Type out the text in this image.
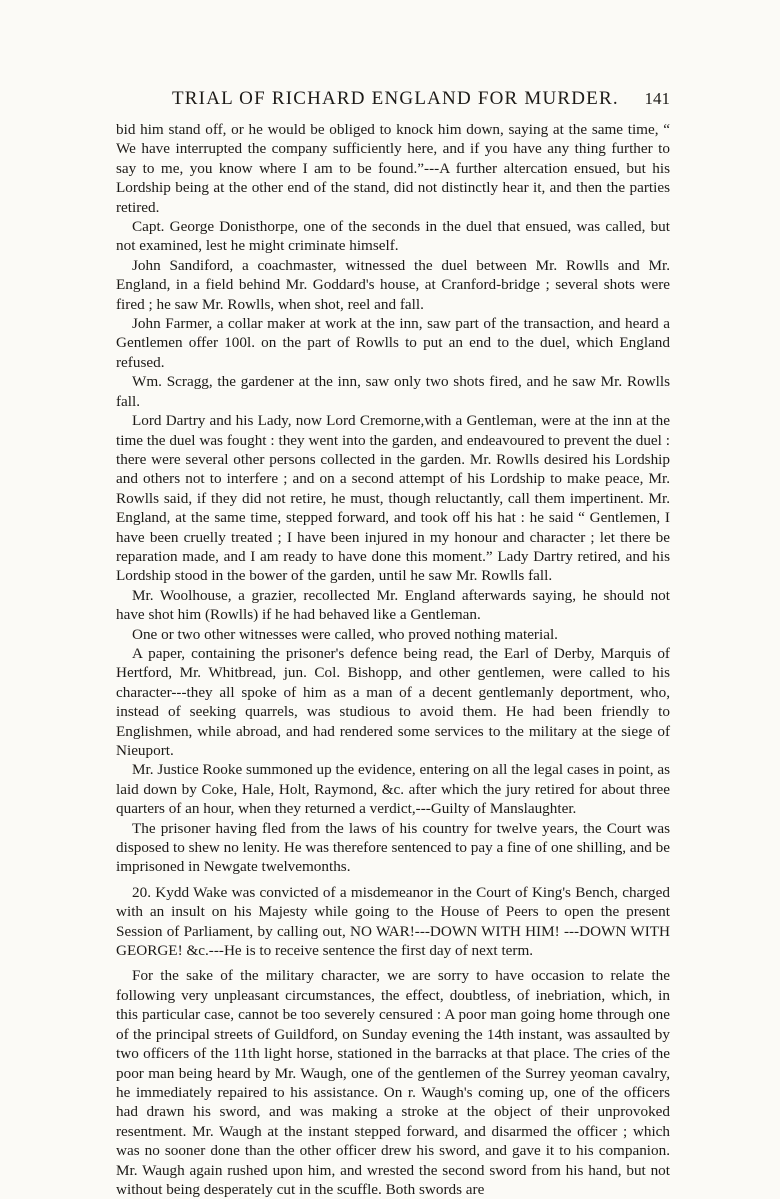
TRIAL OF RICHARD ENGLAND FOR MURDER. 141

bid him stand off, or he would be obliged to knock him down, saying at the same time, “ We have interrupted the company sufficiently here, and if you have any thing further to say to me, you know where I am to be found.”---A further altercation ensued, but his Lordship being at the other end of the stand, did not distinctly hear it, and then the parties retired.

Capt. George Donisthorpe, one of the seconds in the duel that ensued, was called, but not examined, lest he might criminate himself.

John Sandiford, a coachmaster, witnessed the duel between Mr. Rowlls and Mr. England, in a field behind Mr. Goddard's house, at Cranford-bridge ; several shots were fired ; he saw Mr. Rowlls, when shot, reel and fall.

John Farmer, a collar maker at work at the inn, saw part of the transaction, and heard a Gentlemen offer 100l. on the part of Rowlls to put an end to the duel, which England refused.

Wm. Scragg, the gardener at the inn, saw only two shots fired, and he saw Mr. Rowlls fall.

Lord Dartry and his Lady, now Lord Cremorne,with a Gentleman, were at the inn at the time the duel was fought : they went into the garden, and endeavoured to prevent the duel : there were several other persons collected in the garden. Mr. Rowlls desired his Lordship and others not to interfere ; and on a second attempt of his Lordship to make peace, Mr. Rowlls said, if they did not retire, he must, though reluctantly, call them impertinent. Mr. England, at the same time, stepped forward, and took off his hat : he said “ Gentlemen, I have been cruelly treated ; I have been injured in my honour and character ; let there be reparation made, and I am ready to have done this moment.” Lady Dartry retired, and his Lordship stood in the bower of the garden, until he saw Mr. Rowlls fall.

Mr. Woolhouse, a grazier, recollected Mr. England afterwards saying, he should not have shot him (Rowlls) if he had behaved like a Gentleman.

One or two other witnesses were called, who proved nothing material.

A paper, containing the prisoner's defence being read, the Earl of Derby, Marquis of Hertford, Mr. Whitbread, jun. Col. Bishopp, and other gentlemen, were called to his character---they all spoke of him as a man of a decent gentlemanly deportment, who, instead of seeking quarrels, was studious to avoid them. He had been friendly to Englishmen, while abroad, and had rendered some services to the military at the siege of Nieuport.

Mr. Justice Rooke summoned up the evidence, entering on all the legal cases in point, as laid down by Coke, Hale, Holt, Raymond, &c. after which the jury retired for about three quarters of an hour, when they returned a verdict,---Guilty of Manslaughter.

The prisoner having fled from the laws of his country for twelve years, the Court was disposed to shew no lenity. He was therefore sentenced to pay a fine of one shilling, and be imprisoned in Newgate twelvemonths.

20. Kydd Wake was convicted of a misdemeanor in the Court of King's Bench, charged with an insult on his Majesty while going to the House of Peers to open the present Session of Parliament, by calling out, NO WAR!---DOWN WITH HIM! ---DOWN WITH GEORGE! &c.---He is to receive sentence the first day of next term.

For the sake of the military character, we are sorry to have occasion to relate the following very unpleasant circumstances, the effect, doubtless, of inebriation, which, in this particular case, cannot be too severely censured : A poor man going home through one of the principal streets of Guildford, on Sunday evening the 14th instant, was assaulted by two officers of the 11th light horse, stationed in the barracks at that place. The cries of the poor man being heard by Mr. Waugh, one of the gentlemen of the Surrey yeoman cavalry, he immediately repaired to his assistance. On r. Waugh's coming up, one of the officers had drawn his sword, and was making a stroke at the object of their unprovoked resentment. Mr. Waugh at the instant stepped forward, and disarmed the officer ; which was no sooner done than the other officer drew his sword, and gave it to his companion. Mr. Waugh again rushed upon him, and wrested the second sword from his hand, but not without being desperately cut in the scuffle. Both swords are
